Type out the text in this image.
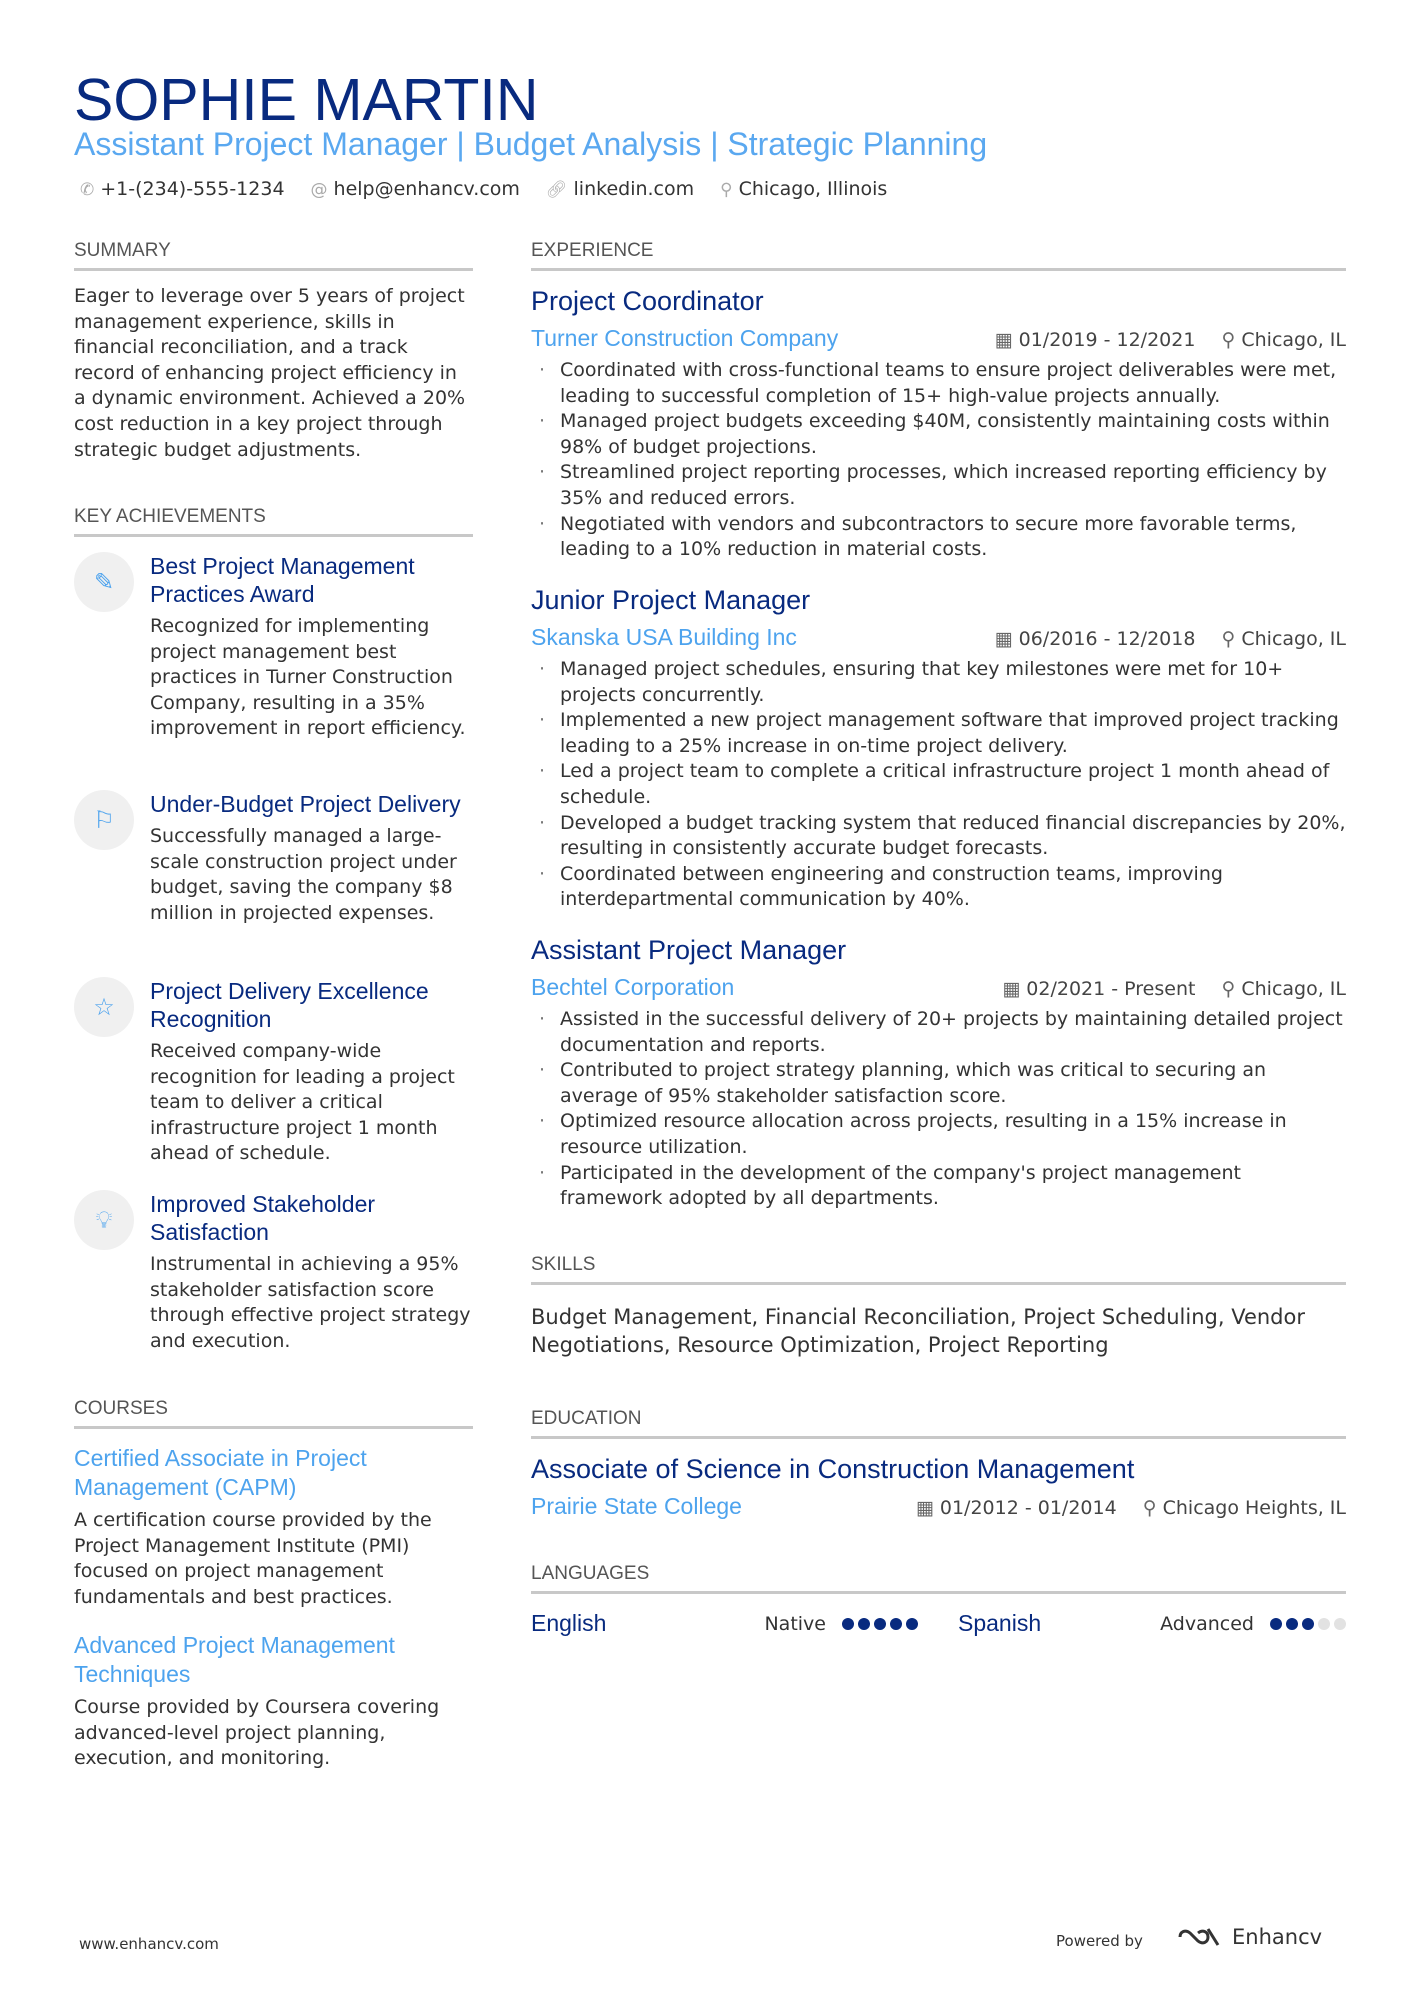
SOPHIE MARTIN
Assistant Project Manager | Budget Analysis | Strategic Planning
✆ +1-(234)-555-1234 @ help@enhancv.com 🔗︎ linkedin.com ⚲ Chicago, Illinois
SUMMARY
Eager to leverage over 5 years of project management experience, skills in financial reconciliation, and a track record of enhancing project efficiency in a dynamic environment. Achieved a 20% cost reduction in a key project through strategic budget adjustments.
KEY ACHIEVEMENTS
✎
Best Project Management Practices Award
Recognized for implementing project management best practices in Turner Construction Company, resulting in a 35% improvement in report efficiency.
⚐
Under-Budget Project Delivery
Successfully managed a large-scale construction project under budget, saving the company $8 million in projected expenses.
☆
Project Delivery Excellence Recognition
Received company-wide recognition for leading a project team to deliver a critical infrastructure project 1 month ahead of schedule.
💡︎
Improved Stakeholder Satisfaction
Instrumental in achieving a 95% stakeholder satisfaction score through effective project strategy and execution.
COURSES
Certified Associate in Project Management (CAPM)
A certification course provided by the Project Management Institute (PMI) focused on project management fundamentals and best practices.
Advanced Project Management Techniques
Course provided by Coursera covering advanced-level project planning, execution, and monitoring.
EXPERIENCE
Project Coordinator
Turner Construction Company	▦ 01/2019 - 12/2021 ⚲ Chicago, IL
· Coordinated with cross-functional teams to ensure project deliverables were met, leading to successful completion of 15+ high-value projects annually.
· Managed project budgets exceeding $40M, consistently maintaining costs within 98% of budget projections.
· Streamlined project reporting processes, which increased reporting efficiency by 35% and reduced errors.
· Negotiated with vendors and subcontractors to secure more favorable terms, leading to a 10% reduction in material costs.
Junior Project Manager
Skanska USA Building Inc	▦ 06/2016 - 12/2018 ⚲ Chicago, IL
· Managed project schedules, ensuring that key milestones were met for 10+ projects concurrently.
· Implemented a new project management software that improved project tracking leading to a 25% increase in on-time project delivery.
· Led a project team to complete a critical infrastructure project 1 month ahead of schedule.
· Developed a budget tracking system that reduced financial discrepancies by 20%, resulting in consistently accurate budget forecasts.
· Coordinated between engineering and construction teams, improving interdepartmental communication by 40%.
Assistant Project Manager
Bechtel Corporation	▦ 02/2021 - Present ⚲ Chicago, IL
· Assisted in the successful delivery of 20+ projects by maintaining detailed project documentation and reports.
· Contributed to project strategy planning, which was critical to securing an average of 95% stakeholder satisfaction score.
· Optimized resource allocation across projects, resulting in a 15% increase in resource utilization.
· Participated in the development of the company's project management framework adopted by all departments.
SKILLS
Budget Management, Financial Reconciliation, Project Scheduling, Vendor Negotiations, Resource Optimization, Project Reporting
EDUCATION
Associate of Science in Construction Management
Prairie State College	▦ 01/2012 - 01/2014 ⚲ Chicago Heights, IL
LANGUAGES
English	Native	Spanish	Advanced
www.enhancv.com	Powered by	Enhancv
